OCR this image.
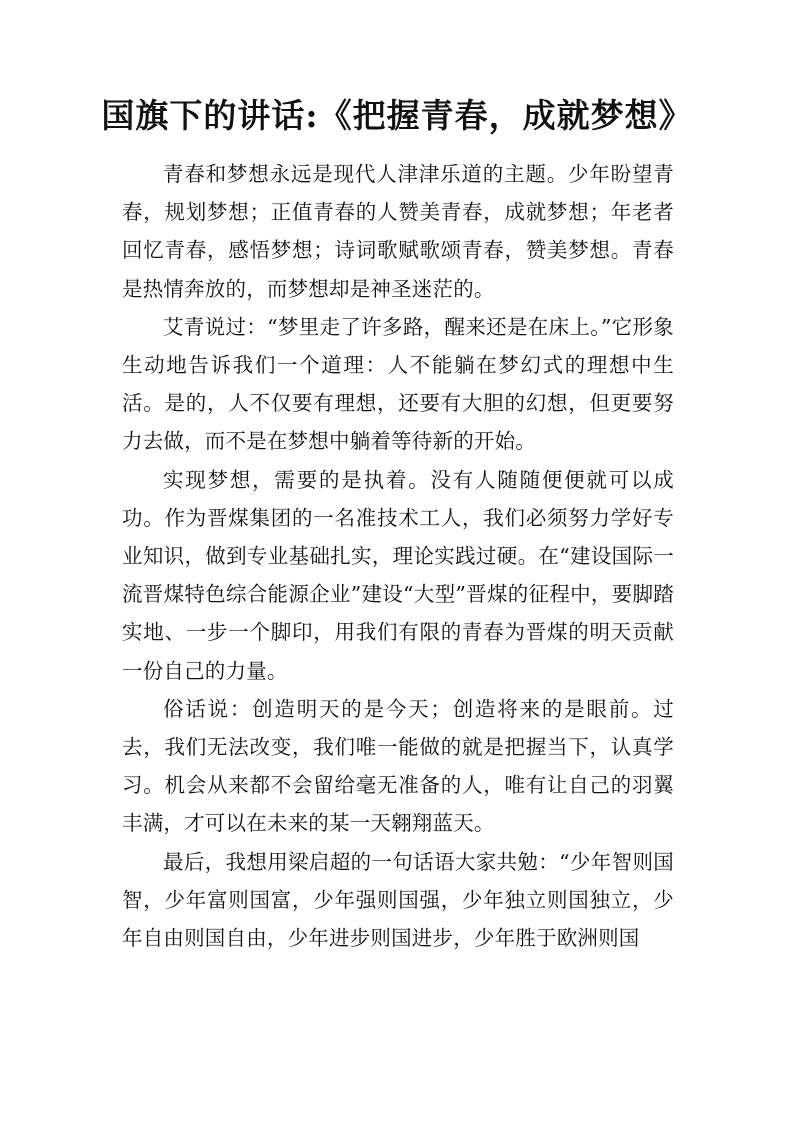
国旗下的讲话:《把握青春，成就梦想》

青春和梦想永远是现代人津津乐道的主题。少年盼望青春，规划梦想；正值青春的人赞美青春，成就梦想；年老者回忆青春，感悟梦想；诗词歌赋歌颂青春，赞美梦想。青春是热情奔放的，而梦想却是神圣迷茫的。

艾青说过：“梦里走了许多路，醒来还是在床上。”它形象生动地告诉我们一个道理：人不能躺在梦幻式的理想中生活。是的，人不仅要有理想，还要有大胆的幻想，但更要努力去做，而不是在梦想中躺着等待新的开始。

实现梦想，需要的是执着。没有人随随便便就可以成功。作为晋煤集团的一名准技术工人，我们必须努力学好专业知识，做到专业基础扎实，理论实践过硬。在“建设国际一流晋煤特色综合能源企业”建设“大型”晋煤的征程中，要脚踏实地、一步一个脚印，用我们有限的青春为晋煤的明天贡献一份自己的力量。

俗话说：创造明天的是今天；创造将来的是眼前。过去，我们无法改变，我们唯一能做的就是把握当下，认真学习。机会从来都不会留给毫无准备的人，唯有让自己的羽翼丰满，才可以在未来的某一天翱翔蓝天。

最后，我想用梁启超的一句话语大家共勉：“少年智则国智，少年富则国富，少年强则国强，少年独立则国独立，少年自由则国自由，少年进步则国进步，少年胜于欧洲则国
